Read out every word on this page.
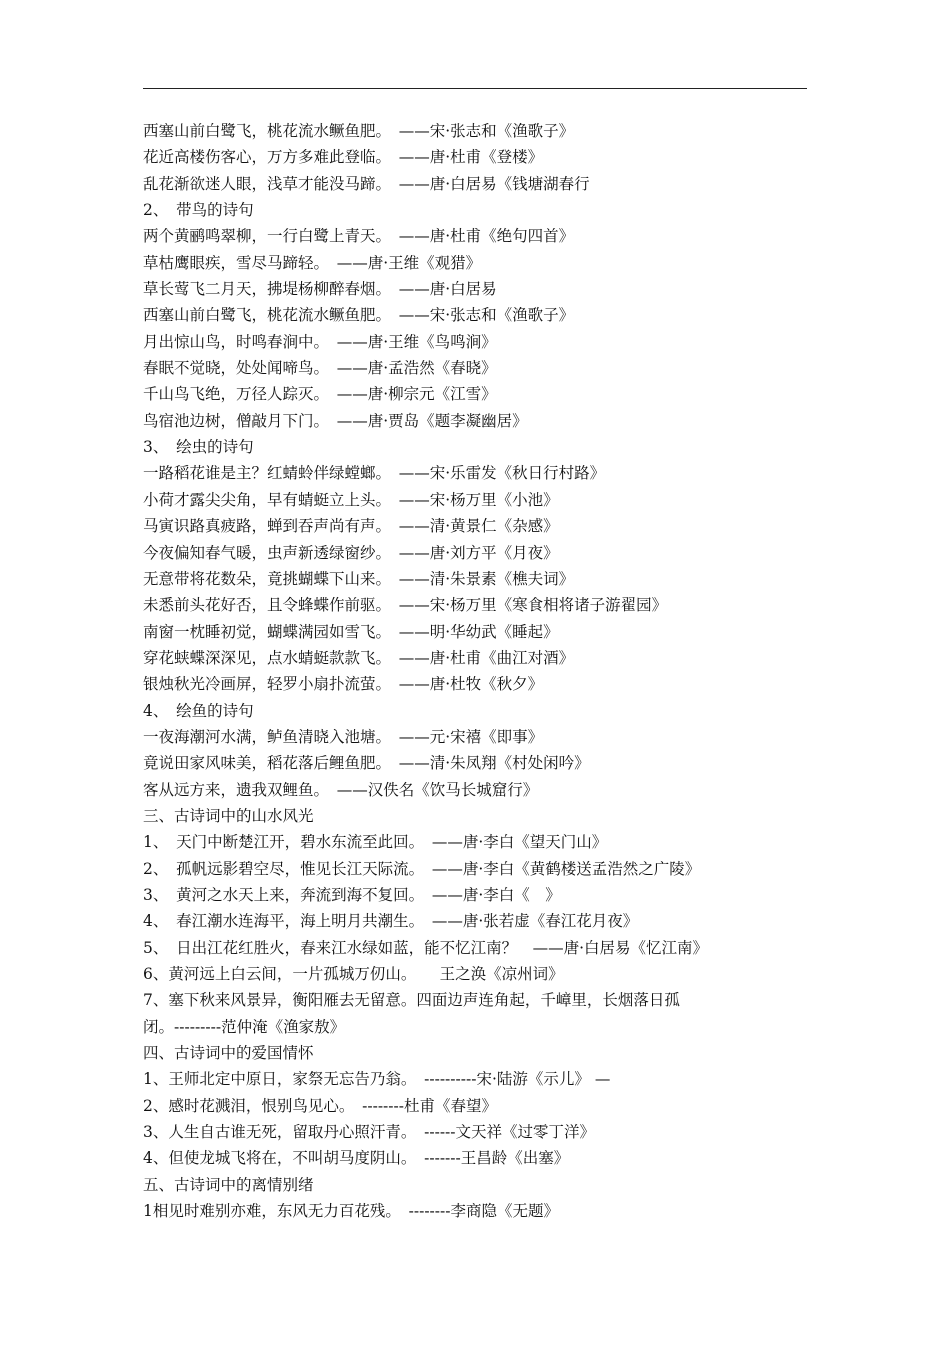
西塞山前白鹭飞，桃花流水鳜鱼肥。　——宋·张志和《渔歌子》
花近高楼伤客心，万方多难此登临。　——唐·杜甫《登楼》
乱花渐欲迷人眼，浅草才能没马蹄。　——唐·白居易《钱塘湖春行
2、　带鸟的诗句
两个黄鹂鸣翠柳，一行白鹭上青天。　——唐·杜甫《绝句四首》
草枯鹰眼疾，雪尽马蹄轻。　——唐·王维《观猎》
草长莺飞二月天，拂堤杨柳醉春烟。　——唐·白居易
西塞山前白鹭飞，桃花流水鳜鱼肥。　——宋·张志和《渔歌子》
月出惊山鸟，时鸣春涧中。　——唐·王维《鸟鸣涧》
春眠不觉晓，处处闻啼鸟。　——唐·孟浩然《春晓》
千山鸟飞绝，万径人踪灭。　——唐·柳宗元《江雪》
鸟宿池边树，僧敲月下门。　——唐·贾岛《题李凝幽居》
3、　绘虫的诗句
一路稻花谁是主？红蜻蛉伴绿螳螂。　——宋·乐雷发《秋日行村路》
小荷才露尖尖角，早有蜻蜓立上头。　——宋·杨万里《小池》
马寅识路真疲路，蝉到吞声尚有声。　——清·黄景仁《杂感》
今夜偏知春气暖，虫声新透绿窗纱。　——唐·刘方平《月夜》
无意带将花数朵，竟挑蝴蝶下山来。　——清·朱景素《樵夫词》
未悉前头花好否，且令蜂蝶作前驱。　——宋·杨万里《寒食相将诸子游翟园》
南窗一枕睡初觉，蝴蝶满园如雪飞。　——明·华幼武《睡起》
穿花蛱蝶深深见，点水蜻蜓款款飞。　——唐·杜甫《曲江对酒》
银烛秋光冷画屏，轻罗小扇扑流萤。　——唐·杜牧《秋夕》
4、　绘鱼的诗句
一夜海潮河水满，鲈鱼清晓入池塘。　——元·宋禧《即事》
竟说田家风味美，稻花落后鲤鱼肥。　——清·朱凤翔《村处闲吟》
客从远方来，遗我双鲤鱼。　——汉佚名《饮马长城窟行》
三、古诗词中的山水风光
1、　天门中断楚江开，碧水东流至此回。　——唐·李白《望天门山》
2、　孤帆远影碧空尽，惟见长江天际流。　——唐·李白《黄鹤楼送孟浩然之广陵》
3、　黄河之水天上来，奔流到海不复回。　——唐·李白《　》
4、　春江潮水连海平，海上明月共潮生。　——唐·张若虚《春江花月夜》
5、　日出江花红胜火，春来江水绿如蓝，能不忆江南？　——唐·白居易《忆江南》
6、黄河远上白云间，一片孤城万仞山。　　王之涣《凉州词》
7、塞下秋来风景异，衡阳雁去无留意。四面边声连角起，千嶂里，长烟落日孤
闭。---------范仲淹《渔家敖》
四、古诗词中的爱国情怀
1、王师北定中原日，家祭无忘告乃翁。　----------宋·陆游《示儿》 —
2、感时花溅泪，恨别鸟见心。　--------杜甫《春望》
3、人生自古谁无死，留取丹心照汗青。　------文天祥《过零丁洋》
4、但使龙城飞将在，不叫胡马度阴山。　-------王昌龄《出塞》
五、古诗词中的离情别绪
1相见时难别亦难，东风无力百花残。　--------李商隐《无题》
